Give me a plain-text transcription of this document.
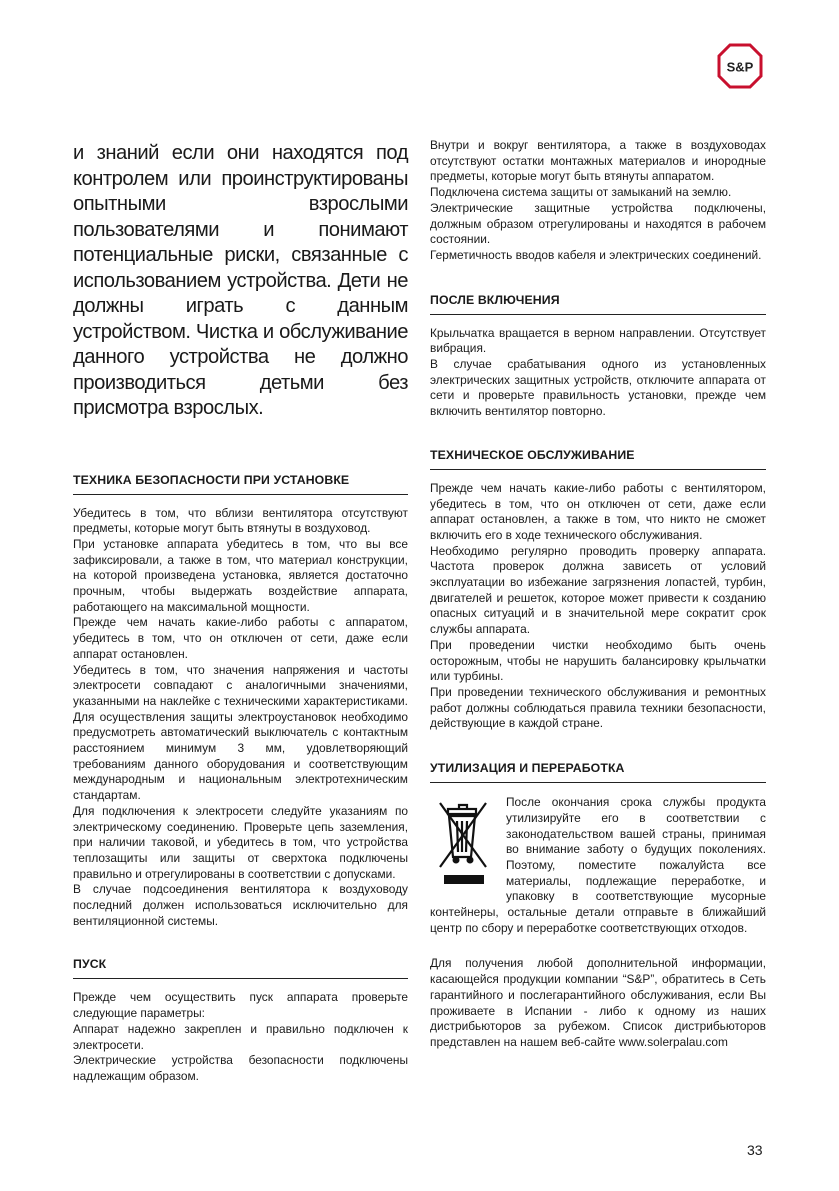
S&P

и знаний если они находятся под контролем или проинструктированы опытными взрослыми пользователями и понимают потенциальные риски, связанные с использованием устройства. Дети не должны играть с данным устройством. Чистка и обслуживание данного устройства не должно производиться детьми без присмотра взрослых.

ТЕХНИКА БЕЗОПАСНОСТИ ПРИ УСТАНОВКЕ

Убедитесь в том, что вблизи вентилятора отсутствуют предметы, которые могут быть втянуты в воздуховод.

При установке аппарата убедитесь в том, что вы все зафиксировали, а также в том, что материал конструкции, на которой произведена установка, является достаточно прочным, чтобы выдержать воздействие аппарата, работающего на максимальной мощности.

Прежде чем начать какие-либо работы с аппаратом, убедитесь в том, что он отключен от сети, даже если аппарат остановлен.

Убедитесь в том, что значения напряжения и частоты электросети совпадают с аналогичными значениями, указанными на наклейке с техническими характеристиками. Для осуществления защиты электроустановок необходимо предусмотреть автоматический выключатель с контактным расстоянием минимум 3 мм, удовлетворяющий требованиям данного оборудования и соответствующим международным и национальным электротехническим стандартам.

Для подключения к электросети следуйте указаниям по электрическому соединению. Проверьте цепь заземления, при наличии таковой, и убедитесь в том, что устройства теплозащиты или защиты от сверхтока подключены правильно и отрегулированы в соответствии с допусками.

В случае подсоединения вентилятора к воздуховоду последний должен использоваться исключительно для вентиляционной системы.

ПУСК

Прежде чем осуществить пуск аппарата проверьте следующие параметры:

Аппарат надежно закреплен и правильно подключен к электросети.

Электрические устройства безопасности подключены надлежащим образом.

Внутри и вокруг вентилятора, а также в воздуховодах отсутствуют остатки монтажных материалов и инородные предметы, которые могут быть втянуты аппаратом.

Подключена система защиты от замыканий на землю.

Электрические защитные устройства подключены, должным образом отрегулированы и находятся в рабочем состоянии.

Герметичность вводов кабеля и электрических соединений.

ПОСЛЕ ВКЛЮЧЕНИЯ

Крыльчатка вращается в верном направлении. Отсутствует вибрация.

В случае срабатывания одного из установленных электрических защитных устройств, отключите аппарата от сети и проверьте правильность установки, прежде чем включить вентилятор повторно.

ТЕХНИЧЕСКОЕ ОБСЛУЖИВАНИЕ

Прежде чем начать какие-либо работы с вентилятором, убедитесь в том, что он отключен от сети, даже если аппарат остановлен, а также в том, что никто не сможет включить его в ходе технического обслуживания.

Необходимо регулярно проводить проверку аппарата. Частота проверок должна зависеть от условий эксплуатации во избежание загрязнения лопастей, турбин, двигателей и решеток, которое может привести к созданию опасных ситуаций и в значительной мере сократит срок службы аппарата.

При проведении чистки необходимо быть очень осторожным, чтобы не нарушить балансировку крыльчатки или турбины.

При проведении технического обслуживания и ремонтных работ должны соблюдаться правила техники безопасности, действующие в каждой стране.

УТИЛИЗАЦИЯ И ПЕРЕРАБОТКА

После окончания срока службы продукта утилизируйте его в соответствии с законодательством вашей страны, принимая во внимание заботу о будущих поколениях. Поэтому, поместите пожалуйста все материалы, подлежащие переработке, и упаковку в соответствующие мусорные контейнеры, остальные детали отправьте в ближайший центр по сбору и переработке соответствующих отходов.

Для получения любой дополнительной информации, касающейся продукции компании “S&P”, обратитесь в Сеть гарантийного и послегарантийного обслуживания, если Вы проживаете в Испании - либо к одному из наших дистрибьюторов за рубежом. Список дистрибьюторов представлен на нашем веб-сайте www.solerpalau.com

33
